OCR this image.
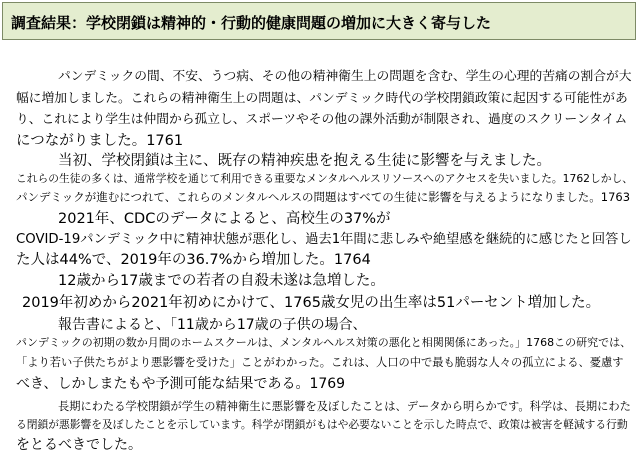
調査結果：学校閉鎖は精神的・行動的健康問題の増加に大きく寄与した
パンデミックの間、不安、うつ病、その他の精神衛生上の問題を含む、学生の心理的苦痛の割合が大
幅に増加しました。これらの精神衛生上の問題は、パンデミック時代の学校閉鎖政策に起因する可能性があ
り、これにより学生は仲間から孤立し、スポーツやその他の課外活動が制限され、過度のスクリーンタイム
につながりました。1761
当初、学校閉鎖は主に、既存の精神疾患を抱える生徒に影響を与えました。
これらの生徒の多くは、通常学校を通じて利用できる重要なメンタルヘルスリソースへのアクセスを失いました。1762しかし、
パンデミックが進むにつれて、これらのメンタルヘルスの問題はすべての生徒に影響を与えるようになりました。1763
2021年、CDCのデータによると、高校生の37%が
COVID-19パンデミック中に精神状態が悪化し、過去1年間に悲しみや絶望感を継続的に感じたと回答し
た人は44%で、2019年の36.7%から増加した。1764
12歳から17歳までの若者の自殺未遂は急増した。
2019年初めから2021年初めにかけて、1765歳女児の出生率は51パーセント増加した。
報告書によると、「11歳から17歳の子供の場合、
パンデミックの初期の数か月間のホームスクールは、メンタルヘルス対策の悪化と相関関係にあった。」1768この研究では、
「より若い子供たちがより悪影響を受けた」ことがわかった。これは、人口の中で最も脆弱な人々の孤立による、憂慮す
べき、しかしまたもや予測可能な結果である。1769
長期にわたる学校閉鎖が学生の精神衛生に悪影響を及ぼしたことは、データから明らかです。科学は、長期にわた
る閉鎖が悪影響を及ぼしたことを示しています。科学が閉鎖がもはや必要ないことを示した時点で、政策は被害を軽減する行動
をとるべきでした。
